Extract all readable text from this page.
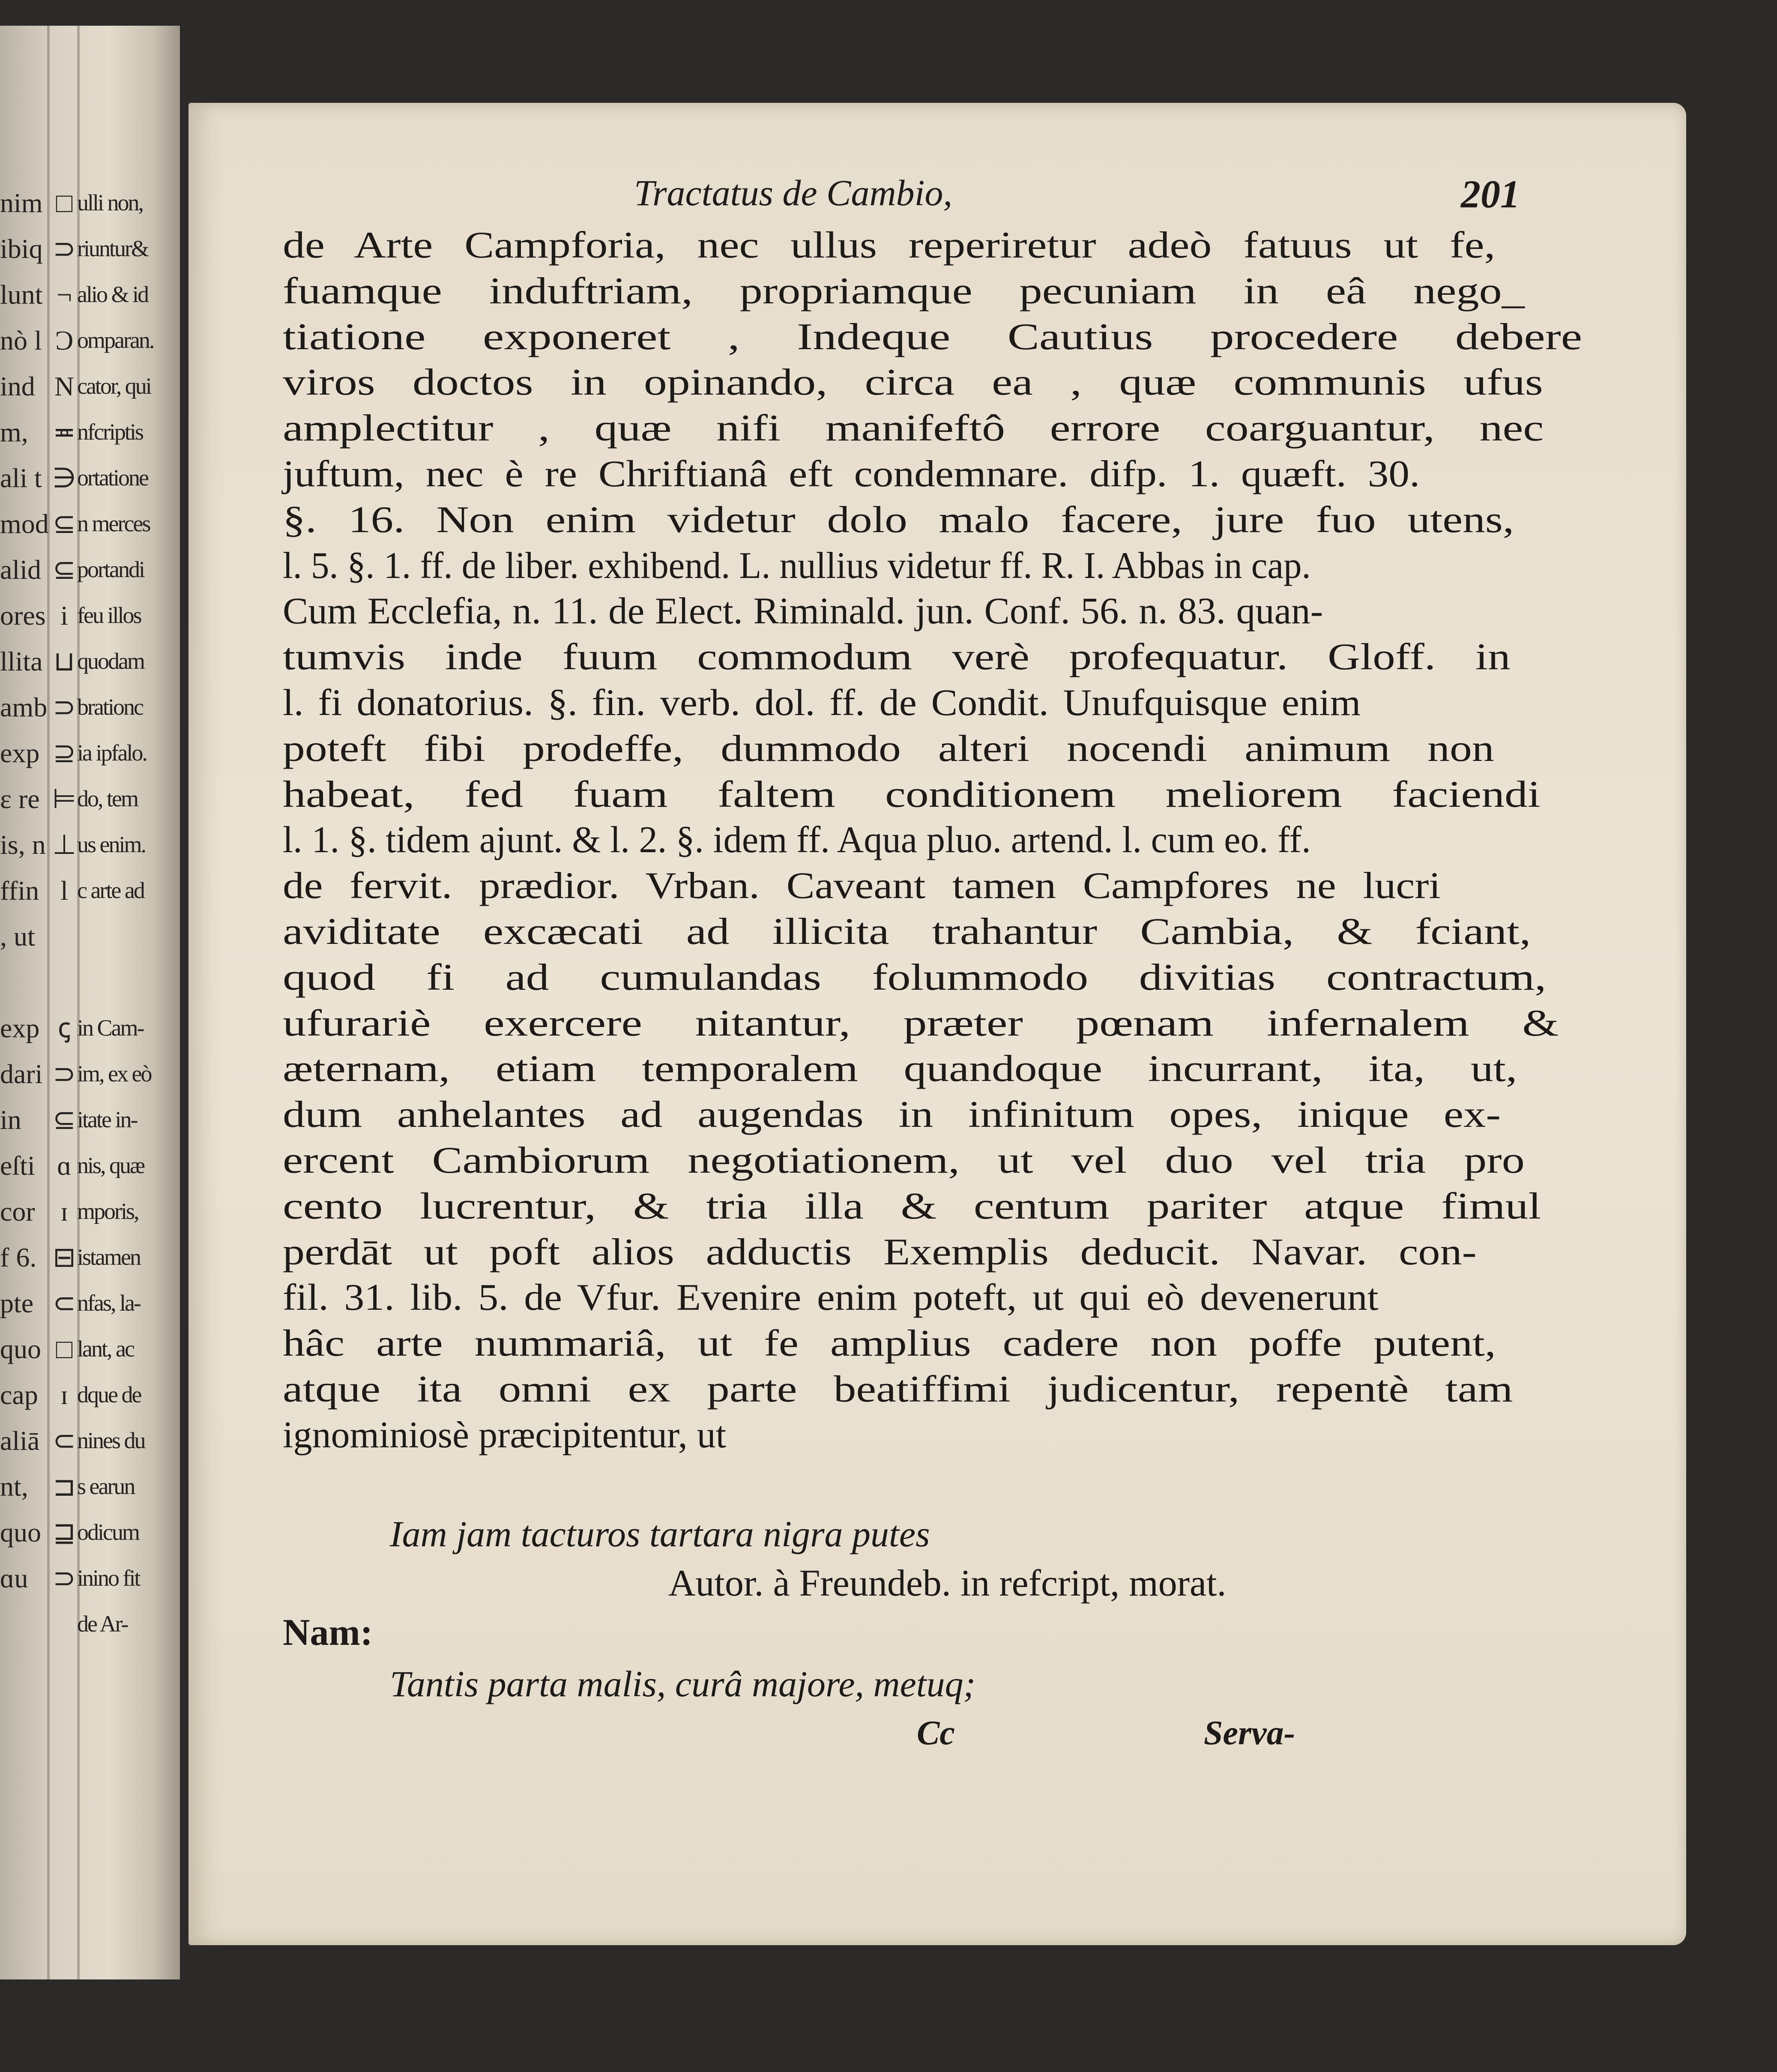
nim □ ulli non,
ibiq ⊃ riuntur&
lunt ¬ alio & id
nò l Ɔ omparan.
ind N cator, qui
m, ≖ nfcriptis
ali t ∋ ortatione
mod ⊆ n merces
alid ⊆ portandi
ores i feu illos
llita ⊔ quodam
amb ⊃ brationc
exp ⊇ ia ipfalo.
ɛ re ⊨ do, tem
is, n ⊥ us enim.
ffin l c arte ad
, ut
exp ꞔ in Cam-
dari ⊃ im, ex eò
in	⊆ itate in-
eſti ɑ nis, quæ
cor ɪ mporis,
f 6. ⊟ istamen
pte ⊂ nfas, la-
quo □ lant, ac
cap ɪ dque de
aliā ⊂ nines du
nt, ⊐ s earun
quo ⊒ odicum
ɑu ⊃ inino fit
de Ar-
Tractatus de Cambio,	201
de Arte Campforia, nec ullus reperiretur adeò fatuus ut fe,
fuamque induftriam, propriamque pecuniam in eâ nego_
tiatione exponeret , Indeque Cautius procedere debere
viros doctos in opinando, circa ea , quæ communis ufus
amplectitur , quæ nifi manifeftô errore coarguantur, nec
juftum, nec è re Chriftianâ eft condemnare. difp. 1. quæft. 30.
§. 16. Non enim videtur dolo malo facere, jure fuo utens,
l. 5. §. 1. ff. de liber. exhibend. L. nullius videtur ff. R. I. Abbas in cap.
Cum Ecclefia, n. 11. de Elect. Riminald. jun. Conf. 56. n. 83. quan-
tumvis inde fuum commodum verè profequatur. Gloff. in
l. fi donatorius. §. fin. verb. dol. ff. de Condit. Unufquisque enim
poteft fibi prodeffe, dummodo alteri nocendi animum non
habeat, fed fuam faltem conditionem meliorem faciendi
l. 1. §. tidem ajunt. & l. 2. §. idem ff. Aqua pluo. artend. l. cum eo. ff.
de fervit. prædior. Vrban. Caveant tamen Campfores ne lucri
aviditate excæcati ad illicita trahantur Cambia, & fciant,
quod fi ad cumulandas folummodo divitias contractum,
ufurariè exercere nitantur, præter pœnam infernalem &
æternam, etiam temporalem quandoque incurrant, ita, ut,
dum anhelantes ad augendas in infinitum opes, inique ex-
ercent Cambiorum negotiationem, ut vel duo vel tria pro
cento lucrentur, & tria illa & centum pariter atque fimul
perdāt ut poft alios adductis Exemplis deducit. Navar. con-
fil. 31. lib. 5. de Vfur. Evenire enim poteft, ut qui eò devenerunt
hâc arte nummariâ, ut fe amplius cadere non poffe putent,
atque ita omni ex parte beatiffimi judicentur, repentè tam
ignominiosè præcipitentur, ut
Iam jam tacturos tartara nigra putes
Autor. à Freundeb. in refcript, morat.
Nam:
Tantis parta malis, curâ majore, metuq;
Cc	Serva-
